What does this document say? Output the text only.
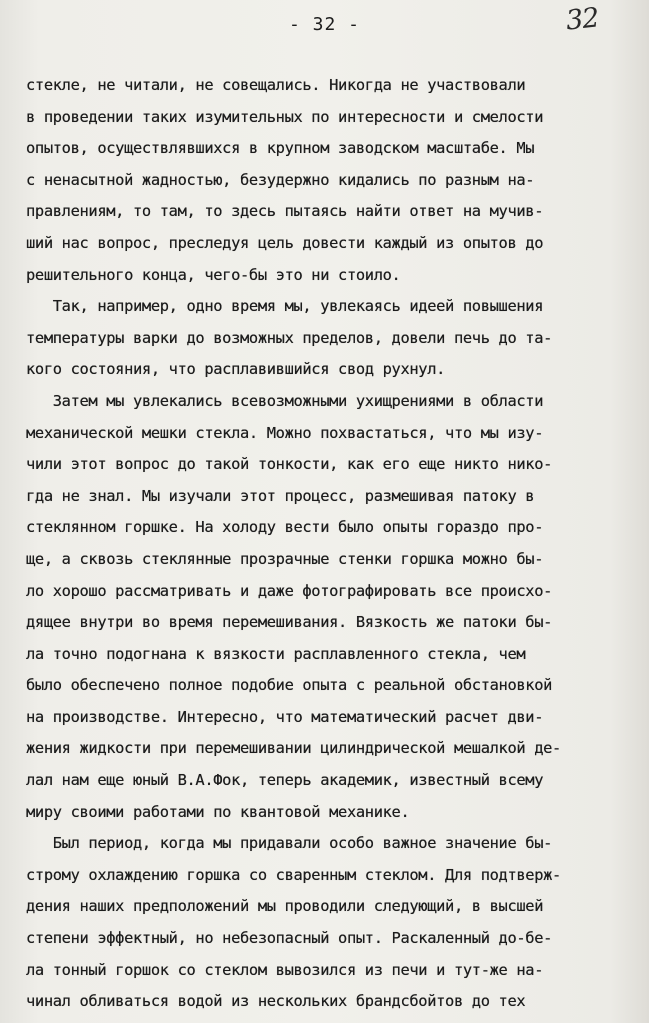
- 32 -	32
стекле, не читали, не совещались. Никогда не участвовали
в проведении таких изумительных по интересности и смелости
опытов, осуществлявшихся в крупном заводском масштабе. Мы
с ненасытной жадностью, безудержно кидались по разным на-
правлениям, то там, то здесь пытаясь найти ответ на мучив-
ший нас вопрос, преследуя цель довести каждый из опытов до
решительного конца, чего-бы это ни стоило.
Так, например, одно время мы, увлекаясь идеей повышения
температуры варки до возможных пределов, довели печь до та-
кого состояния, что расплавившийся свод рухнул.
Затем мы увлекались всевозможными ухищрениями в области
механической мешки стекла. Можно похвастаться, что мы изу-
чили этот вопрос до такой тонкости, как его еще никто нико-
гда не знал. Мы изучали этот процесс, размешивая патоку в
стеклянном горшке. На холоду вести было опыты гораздо про-
ще, а сквозь стеклянные прозрачные стенки горшка можно бы-
ло хорошо рассматривать и даже фотографировать все происхо-
дящее внутри во время перемешивания. Вязкость же патоки бы-
ла точно подогнана к вязкости расплавленного стекла, чем
было обеспечено полное подобие опыта с реальной обстановкой
на производстве. Интересно, что математический расчет дви-
жения жидкости при перемешивании цилиндрической мешалкой де-
лал нам еще юный В.А.Фок, теперь академик, известный всему
миру своими работами по квантовой механике.
Был период, когда мы придавали особо важное значение бы-
строму охлаждению горшка со сваренным стеклом. Для подтверж-
дения наших предположений мы проводили следующий, в высшей
степени эффектный, но небезопасный опыт. Раскаленный до-бе-
ла тонный горшок со стеклом вывозился из печи и тут-же на-
чинал обливаться водой из нескольких брандсбойтов до тех
